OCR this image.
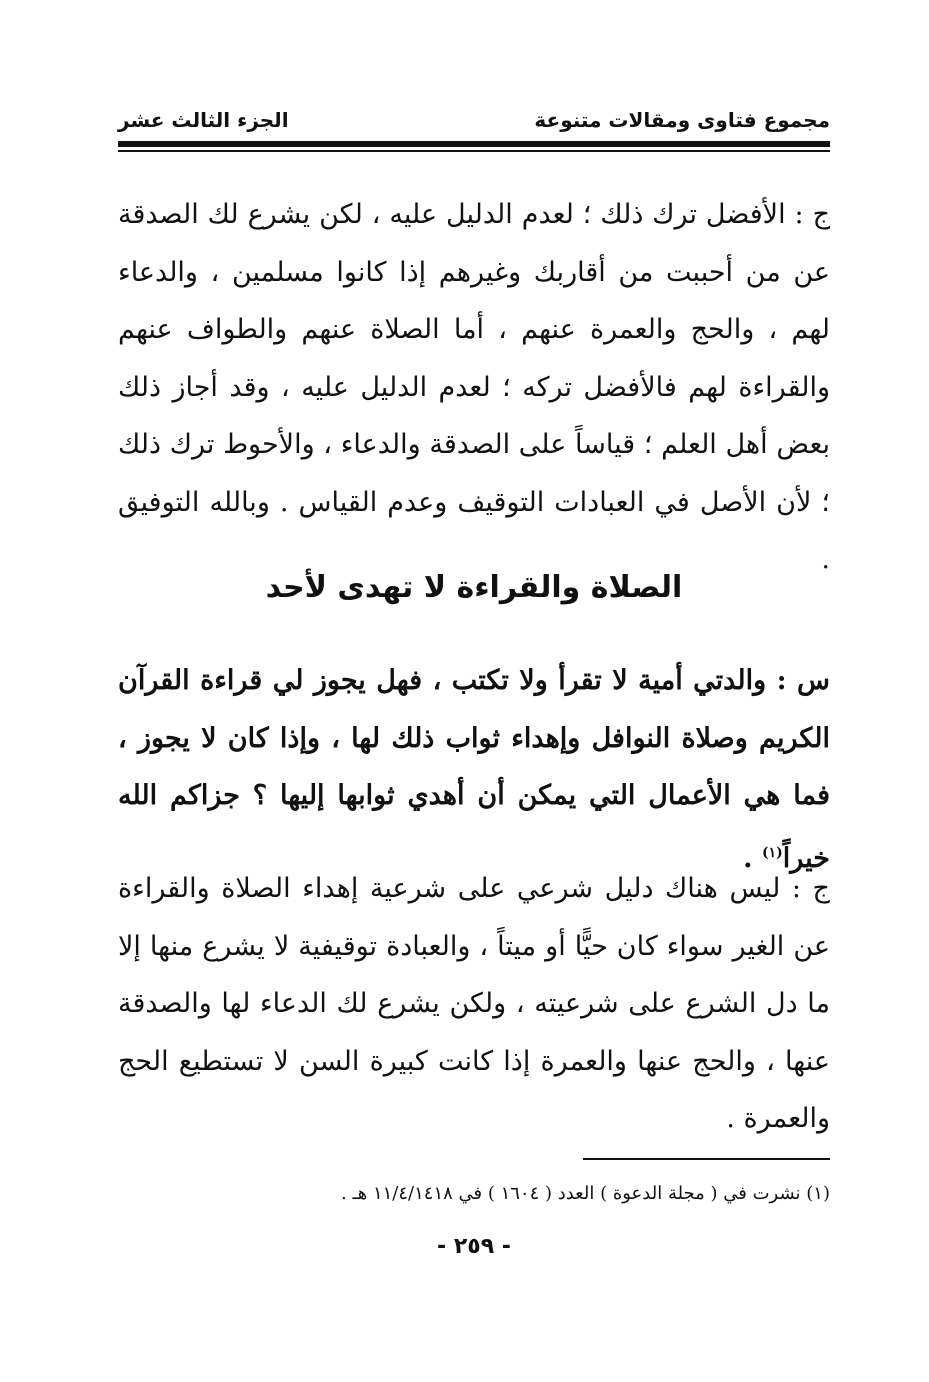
مجموع فتاوى ومقالات متنوعة
الجزء الثالث عشر

ج : الأفضل ترك ذلك ؛ لعدم الدليل عليه ، لكن يشرع لك الصدقة عن من أحببت من أقاربك وغيرهم إذا كانوا مسلمين ، والدعاء لهم ، والحج والعمرة عنهم ، أما الصلاة عنهم والطواف عنهم والقراءة لهم فالأفضل تركه ؛ لعدم الدليل عليه ، وقد أجاز ذلك بعض أهل العلم ؛ قياساً على الصدقة والدعاء ، والأحوط ترك ذلك ؛ لأن الأصل في العبادات التوقيف وعدم القياس . وبالله التوفيق .

الصلاة والقراءة لا تهدى لأحد

س : والدتي أمية لا تقرأ ولا تكتب ، فهل يجوز لي قراءة القرآن الكريم وصلاة النوافل وإهداء ثواب ذلك لها ، وإذا كان لا يجوز ، فما هي الأعمال التي يمكن أن أهدي ثوابها إليها ؟ جزاكم الله خيراً$^{(١)}$ .

ج : ليس هناك دليل شرعي على شرعية إهداء الصلاة والقراءة عن الغير سواء كان حيًّا أو ميتاً ، والعبادة توقيفية لا يشرع منها إلا ما دل الشرع على شرعيته ، ولكن يشرع لك الدعاء لها والصدقة عنها ، والحج عنها والعمرة إذا كانت كبيرة السن لا تستطيع الحج والعمرة .

(١) نشرت في ( مجلة الدعوة ) العدد ( ١٦٠٤ ) في ١١/٤/١٤١٨ هـ .

- ٢٥٩ -
